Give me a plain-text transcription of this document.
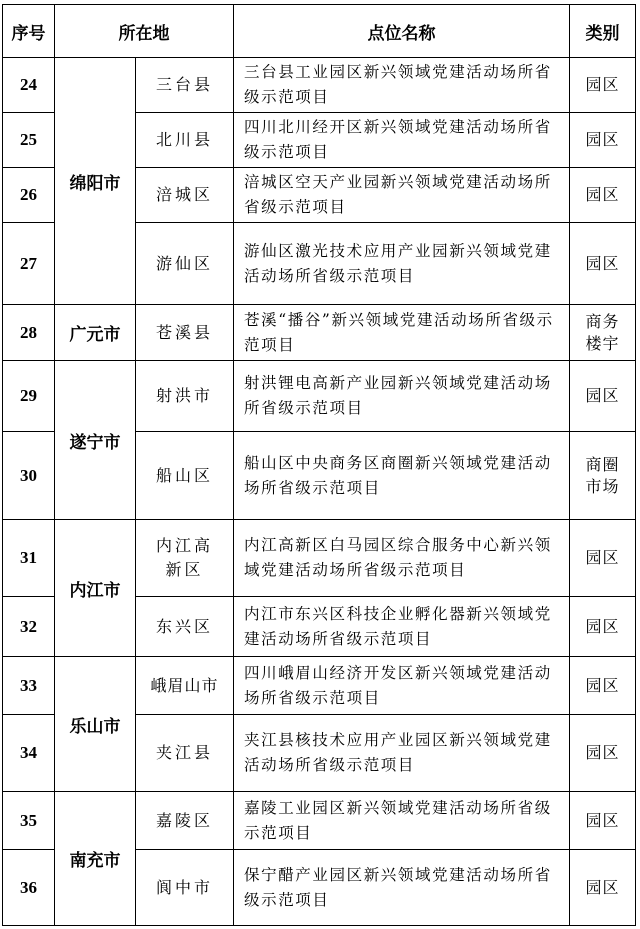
序号	所在地		点位名称	类别
24	绵阳市	三台县	三台县工业园区新兴领域党建活动场所省级示范项目	园区
25		北川县	四川北川经开区新兴领域党建活动场所省级示范项目	园区
26		涪城区	涪城区空天产业园新兴领域党建活动场所省级示范项目	园区
27		游仙区	游仙区激光技术应用产业园新兴领域党建活动场所省级示范项目	园区
28	广元市	苍溪县	苍溪“播谷”新兴领域党建活动场所省级示范项目	商务楼宇
29	遂宁市	射洪市	射洪锂电高新产业园新兴领域党建活动场所省级示范项目	园区
30		船山区	船山区中央商务区商圈新兴领域党建活动场所省级示范项目	商圈市场
31	内江市	内江高新区	内江高新区白马园区综合服务中心新兴领域党建活动场所省级示范项目	园区
32		东兴区	内江市东兴区科技企业孵化器新兴领域党建活动场所省级示范项目	园区
33	乐山市	峨眉山市	四川峨眉山经济开发区新兴领域党建活动场所省级示范项目	园区
34		夹江县	夹江县核技术应用产业园区新兴领域党建活动场所省级示范项目	园区
35	南充市	嘉陵区	嘉陵工业园区新兴领域党建活动场所省级示范项目	园区
36		阆中市	保宁醋产业园区新兴领域党建活动场所省级示范项目	园区
